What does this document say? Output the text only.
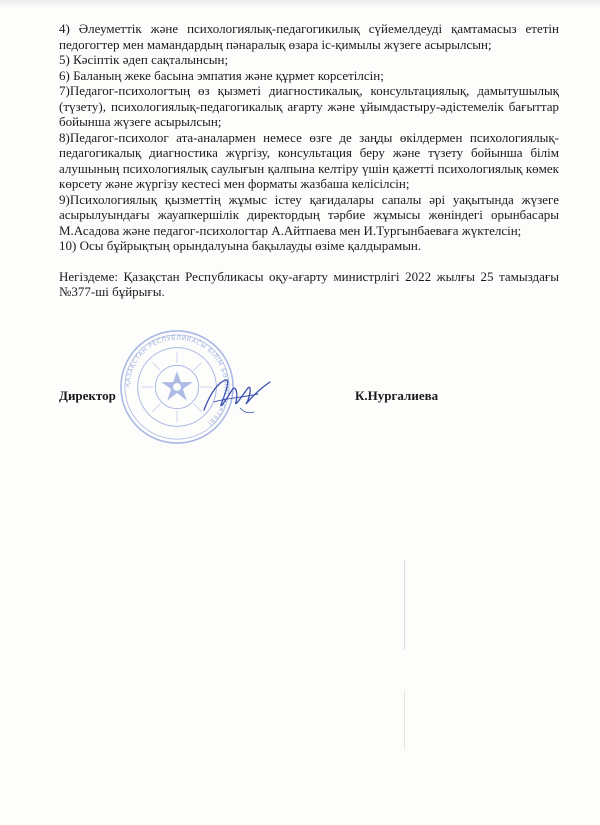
4) Әлеуметтік және психологиялық-педагогикилық сүйемелдеуді қамтамасыз ететін педогогтер мен мамандардың пәнаралық өзара іс-қимылы жүзеге асырылсын;

5) Кәсіптік әдеп сақталынсын;

6) Баланың жеке басына эмпатия және құрмет корсетілсін;

7)Педагог-психологтың өз қызметі диагностикалық, консультациялық, дамытушылық (түзету), психологиялық-педагогикалық ағарту және ұйымдастыру-әдістемелік бағыттар бойынша жүзеге асырылсын;

8)Педагог-психолог ата-аналармен немесе өзге де заңды өкілдермен психологиялық-педагогикалық диагностика жүргізу, консультация беру және түзету бойынша білім алушының психологиялық саулығын қалпына келтіру үшін қажетті психологиялық көмек көрсету және жүргізу кестесі мен форматы жазбаша келісілсін;

9)Психологиялық қызметтің жұмыс істеу қағидалары сапалы әрі уақытында жүзеге асырылуындағы жауапкершілік директордың тәрбие жұмысы жөніндегі орынбасары М.Асадова және педагог-психологтар А.Айтпаева мен И.Тургынбаеваға жүктелсін;

10) Осы бұйрықтың орындалуына бақылауды өзіме қалдырамын.

Негіздеме: Қазақстан Республикасы оқу-ағарту министрлігі 2022 жылғы 25 тамыздағы №377-ші бұйрығы.

ҚАЗАҚСТАН РЕСПУБЛИКАСЫ БІЛІМ БӨЛІМІ МЕКТЕБІ
Директор	К.Нургалиева
